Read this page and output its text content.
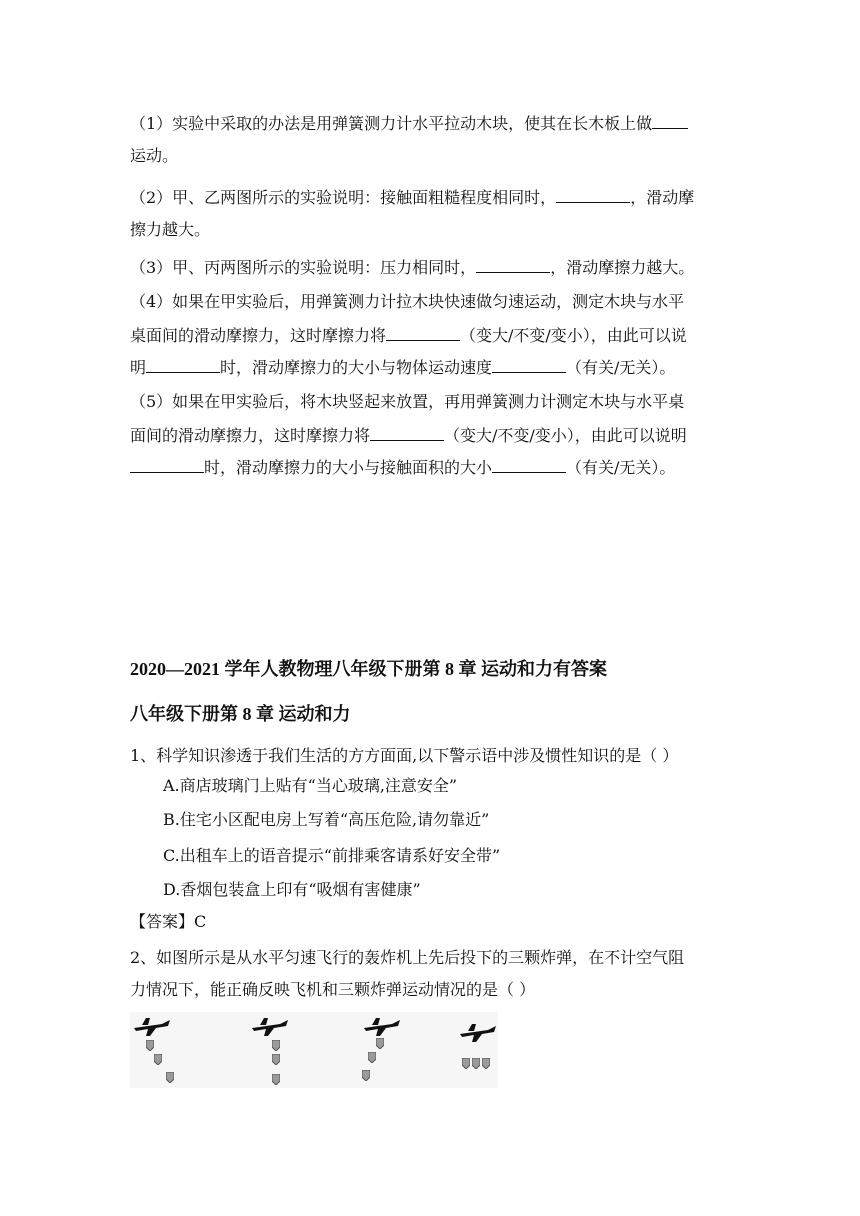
（1）实验中采取的办法是用弹簧测力计水平拉动木块，使其在长木板上做
运动。
（2）甲、乙两图所示的实验说明：接触面粗糙程度相同时，	，滑动摩
擦力越大。
（3）甲、丙两图所示的实验说明：压力相同时，	，滑动摩擦力越大。
（4）如果在甲实验后，用弹簧测力计拉木块快速做匀速运动，测定木块与水平
桌面间的滑动摩擦力，这时摩擦力将	（变大/不变/变小），由此可以说
明	时，滑动摩擦力的大小与物体运动速度	（有关/无关）。
（5）如果在甲实验后，将木块竖起来放置，再用弹簧测力计测定木块与水平桌
面间的滑动摩擦力，这时摩擦力将	（变大/不变/变小），由此可以说明
时，滑动摩擦力的大小与接触面积的大小	（有关/无关）。
2020—2021 学年人教物理八年级下册第 8 章 运动和力有答案
八年级下册第 8 章 运动和力
1、科学知识渗透于我们生活的方方面面,以下警示语中涉及惯性知识的是（ ）
A.商店玻璃门上贴有“当心玻璃,注意安全”
B.住宅小区配电房上写着“高压危险,请勿靠近”
C.出租车上的语音提示“前排乘客请系好安全带”
D.香烟包装盒上印有“吸烟有害健康”
【答案】C
2、如图所示是从水平匀速飞行的轰炸机上先后投下的三颗炸弹，在不计空气阻
力情况下，能正确反映飞机和三颗炸弹运动情况的是（ ）
